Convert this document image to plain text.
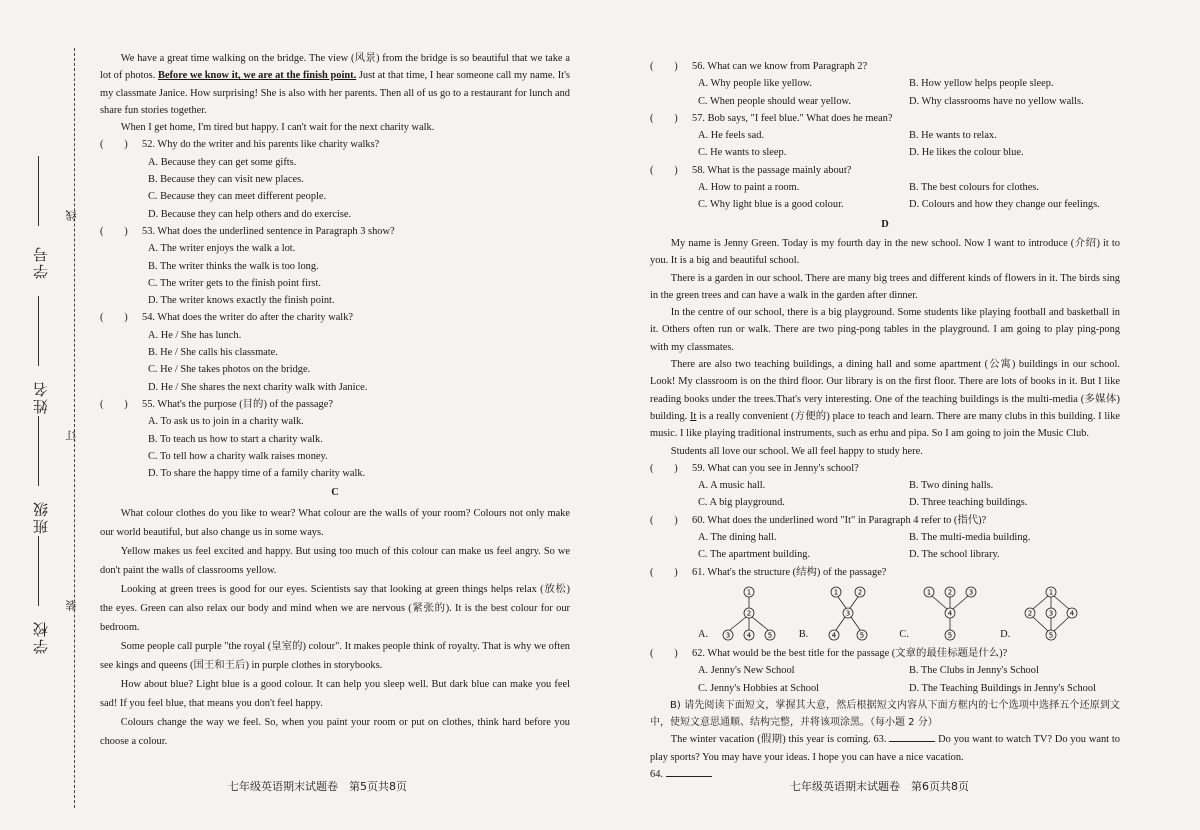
学校
班级
姓名
学号
装
订
线

We have a great time walking on the bridge. The view (风景) from the bridge is so beautiful that we take a lot of photos. Before we know it, we are at the finish point. Just at that time, I hear someone call my name. It's my classmate Janice. How surprising! She is also with her parents. Then all of us go to a restaurant for lunch and share fun stories together.

When I get home, I'm tired but happy. I can't wait for the next charity walk.

(　　)	52. Why do the writer and his parents like charity walks?
A. Because they can get some gifts.
B. Because they can visit new places.
C. Because they can meet different people.
D. Because they can help others and do exercise.
(　　)	53. What does the underlined sentence in Paragraph 3 show?
A. The writer enjoys the walk a lot.
B. The writer thinks the walk is too long.
C. The writer gets to the finish point first.
D. The writer knows exactly the finish point.
(　　)	54. What does the writer do after the charity walk?
A. He / She has lunch.
B. He / She calls his classmate.
C. He / She takes photos on the bridge.
D. He / She shares the next charity walk with Janice.
(　　)	55. What's the purpose (目的) of the passage?
A. To ask us to join in a charity walk.
B. To teach us how to start a charity walk.
C. To tell how a charity walk raises money.
D. To share the happy time of a family charity walk.
C

What colour clothes do you like to wear? What colour are the walls of your room? Colours not only make our world beautiful, but also change us in some ways.

Yellow makes us feel excited and happy. But using too much of this colour can make us feel angry. So we don't paint the walls of classrooms yellow.

Looking at green trees is good for our eyes. Scientists say that looking at green things helps relax (放松) the eyes. Green can also relax our body and mind when we are nervous (紧张的). It is the best colour for our bedroom.

Some people call purple "the royal (皇室的) colour". It makes people think of royalty. That is why we often see kings and queens (国王和王后) in purple clothes in storybooks.

How about blue? Light blue is a good colour. It can help you sleep well. But dark blue can make you feel sad! If you feel blue, that means you don't feel happy.

Colours change the way we feel. So, when you paint your room or put on clothes, think hard before you choose a colour.

七年级英语期末试题卷　第5页共8页
(　　)	56. What can we know from Paragraph 2?
A. Why people like yellow.	B. How yellow helps people sleep.
C. When people should wear yellow.	D. Why classrooms have no yellow walls.
(　　)	57. Bob says, "I feel blue." What does he mean?
A. He feels sad.	B. He wants to relax.
C. He wants to sleep.	D. He likes the colour blue.
(　　)	58. What is the passage mainly about?
A. How to paint a room.	B. The best colours for clothes.
C. Why light blue is a good colour.	D. Colours and how they change our feelings.
D

My name is Jenny Green. Today is my fourth day in the new school. Now I want to introduce (介绍) it to you. It is a big and beautiful school.

There is a garden in our school. There are many big trees and different kinds of flowers in it. The birds sing in the green trees and can have a walk in the garden after dinner.

In the centre of our school, there is a big playground. Some students like playing football and basketball in it. Others often run or walk. There are two ping-pong tables in the playground. I am going to play ping-pong with my classmates.

There are also two teaching buildings, a dining hall and some apartment (公寓) buildings in our school. Look! My classroom is on the third floor. Our library is on the first floor. There are lots of books in it. But I like reading books under the trees.That's very interesting. One of the teaching buildings is the multi-media (多媒体) building. It is a really convenient (方便的) place to teach and learn. There are many clubs in this building. I like music. I like playing traditional instruments, such as erhu and pipa. So I am going to join the Music Club.

Students all love our school. We all feel happy to study here.

(　　)	59. What can you see in Jenny's school?
A. A music hall.	B. Two dining halls.
C. A big playground.	D. Three teaching buildings.
(　　)	60. What does the underlined word "It" in Paragraph 4 refer to (指代)?
A. The dining hall.	B. The multi-media building.
C. The apartment building.	D. The school library.
(　　)	61. What's the structure (结构) of the passage?
A.
1
2
3 4 5	B.
1	2
3
4	5	C.
1 2 3
4
5	D.
1
2 3 4
5
(　　)	62. What would be the best title for the passage (文章的最佳标题是什么)?
A. Jenny's New School	B. The Clubs in Jenny's School
C. Jenny's Hobbies at School	D. The Teaching Buildings in Jenny's School

B) 请先阅读下面短文，掌握其大意，然后根据短文内容从下面方框内的七个选项中选择五个还原到文中，使短文意思通顺、结构完整，并将该项涂黑。（每小题 2 分）

The winter vacation (假期) this year is coming. 63.	Do you want to watch TV? Do you want to play sports? You may have your ideas. I hope you can have a nice vacation.

64.

七年级英语期末试题卷　第6页共8页
